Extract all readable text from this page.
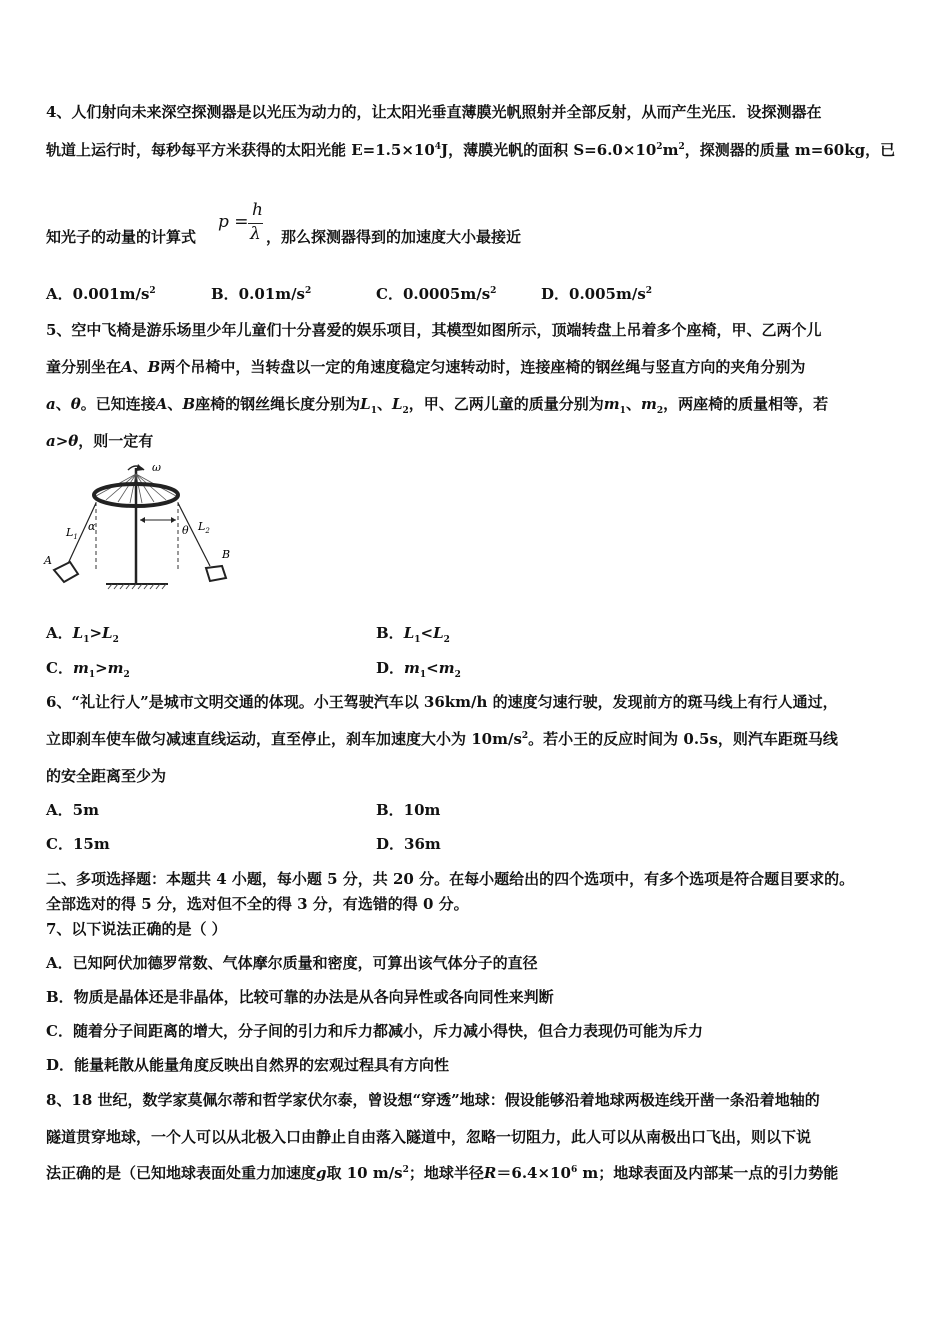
4、人们射向未来深空探测器是以光压为动力的，让太阳光垂直薄膜光帆照射并全部反射，从而产生光压．设探测器在
轨道上运行时，每秒每平方米获得的太阳光能 $E=1.5\times 10^4J$，薄膜光帆的面积 $S=6.0\times 10^2m^2$，探测器的质量 m=60kg，已
知光子的动量的计算式
p =
h
λ ，那么探测器得到的加速度大小最接近
A．$0.001m/s^2$	B．$0.01m/s^2$	C．$0.0005m/s^2$	D．$0.005m/s^2$
5、空中飞椅是游乐场里少年儿童们十分喜爱的娱乐项目，其模型如图所示，顶端转盘上吊着多个座椅，甲、乙两个儿
童分别坐在A、B两个吊椅中，当转盘以一定的角速度稳定匀速转动时，连接座椅的钢丝绳与竖直方向的夹角分别为
a、θ。已知连接A、B座椅的钢丝绳长度分别为$L_1$、$L_2$，甲、乙两儿童的质量分别为$m_1$、$m_2$，两座椅的质量相等，若
a>θ，则一定有
ω
$L_1$
α	θ $L_2$
A	B
A．$L_1>L_2$	B．$L_1<L_2$
C．$m_1>m_2$	D．$m_1<m_2$
6、“礼让行人”是城市文明交通的体现。小王驾驶汽车以 36km/h 的速度匀速行驶，发现前方的斑马线上有行人通过，
立即刹车使车做匀减速直线运动，直至停止，刹车加速度大小为 $10m/s^2$。若小王的反应时间为 0.5s，则汽车距斑马线
的安全距离至少为
A．5m	B．10m
C．15m	D．36m
二、多项选择题：本题共 4 小题，每小题 5 分，共 20 分。在每小题给出的四个选项中，有多个选项是符合题目要求的。
全部选对的得 5 分，选对但不全的得 3 分，有选错的得 0 分。
7、以下说法正确的是（ ）
A．已知阿伏加德罗常数、气体摩尔质量和密度，可算出该气体分子的直径
B．物质是晶体还是非晶体，比较可靠的办法是从各向异性或各向同性来判断
C．随着分子间距离的增大，分子间的引力和斥力都减小，斥力减小得快，但合力表现仍可能为斥力
D．能量耗散从能量角度反映出自然界的宏观过程具有方向性
8、18 世纪，数学家莫佩尔蒂和哲学家伏尔泰，曾设想“穿透”地球：假设能够沿着地球两极连线开凿一条沿着地轴的
隧道贯穿地球，一个人可以从北极入口由静止自由落入隧道中，忽略一切阻力，此人可以从南极出口飞出，则以下说
法正确的是（已知地球表面处重力加速度g取 10 $m/s^2$；地球半径$R=6.4\times 10^6$ m；地球表面及内部某一点的引力势能
